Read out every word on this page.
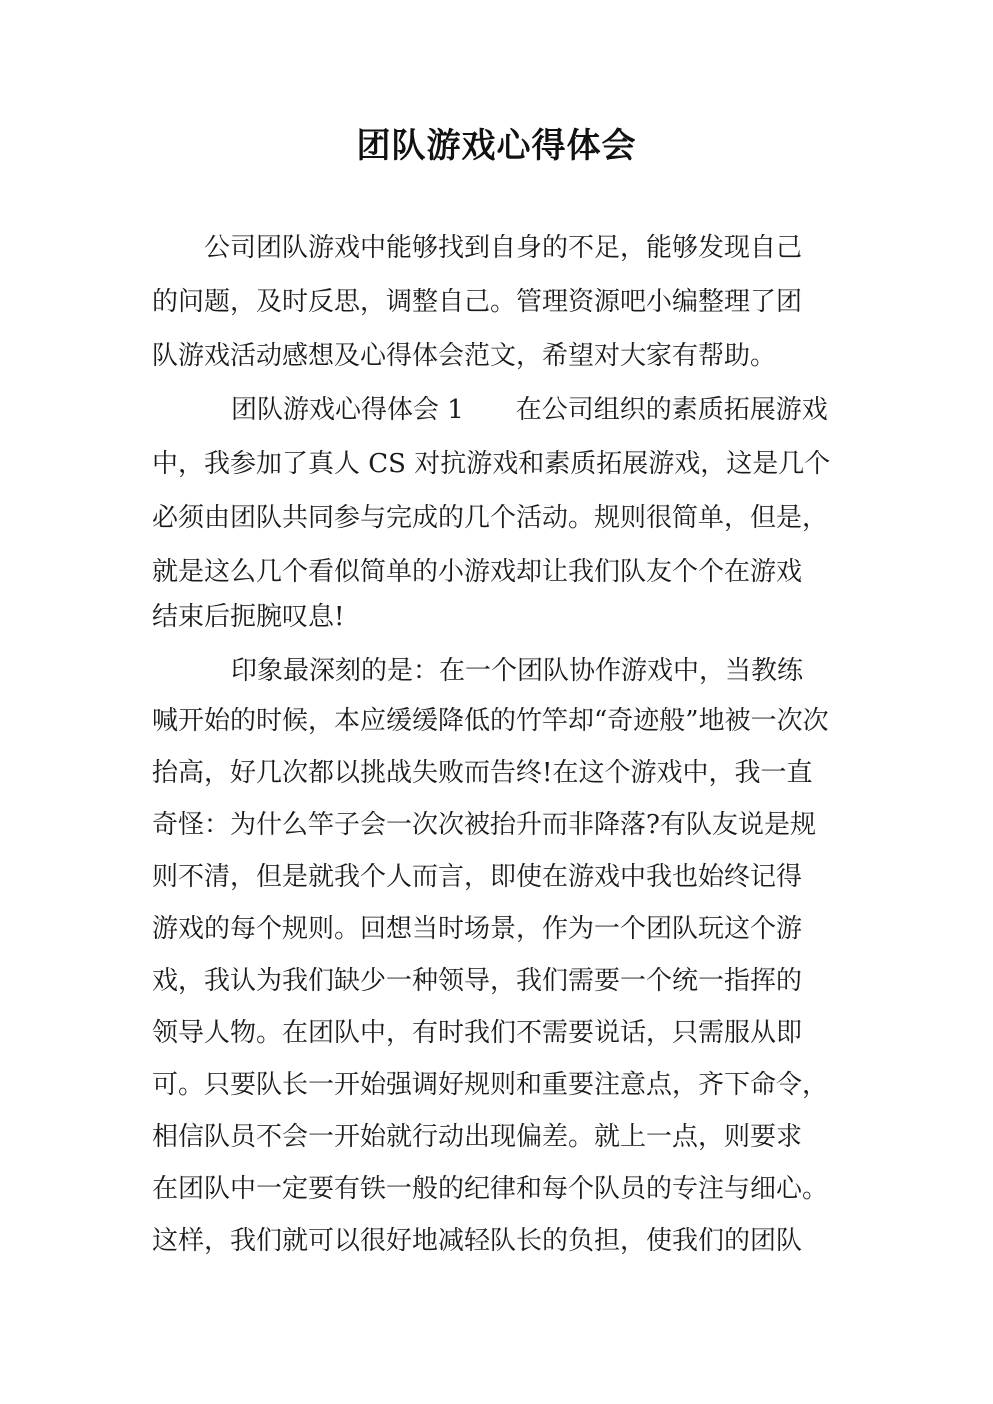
团队游戏心得体会
公司团队游戏中能够找到自身的不足，能够发现自己
的问题，及时反思，调整自己。管理资源吧小编整理了团
队游戏活动感想及心得体会范文，希望对大家有帮助。
团队游戏心得体会 1　　在公司组织的素质拓展游戏
中，我参加了真人 CS 对抗游戏和素质拓展游戏，这是几个
必须由团队共同参与完成的几个活动。规则很简单，但是，
就是这么几个看似简单的小游戏却让我们队友个个在游戏
结束后扼腕叹息!
印象最深刻的是：在一个团队协作游戏中，当教练
喊开始的时候，本应缓缓降低的竹竿却“奇迹般”地被一次次
抬高，好几次都以挑战失败而告终!在这个游戏中，我一直
奇怪：为什么竿子会一次次被抬升而非降落?有队友说是规
则不清，但是就我个人而言，即使在游戏中我也始终记得
游戏的每个规则。回想当时场景，作为一个团队玩这个游
戏，我认为我们缺少一种领导，我们需要一个统一指挥的
领导人物。在团队中，有时我们不需要说话，只需服从即
可。只要队长一开始强调好规则和重要注意点，齐下命令，
相信队员不会一开始就行动出现偏差。就上一点，则要求
在团队中一定要有铁一般的纪律和每个队员的专注与细心。
这样，我们就可以很好地减轻队长的负担，使我们的团队
